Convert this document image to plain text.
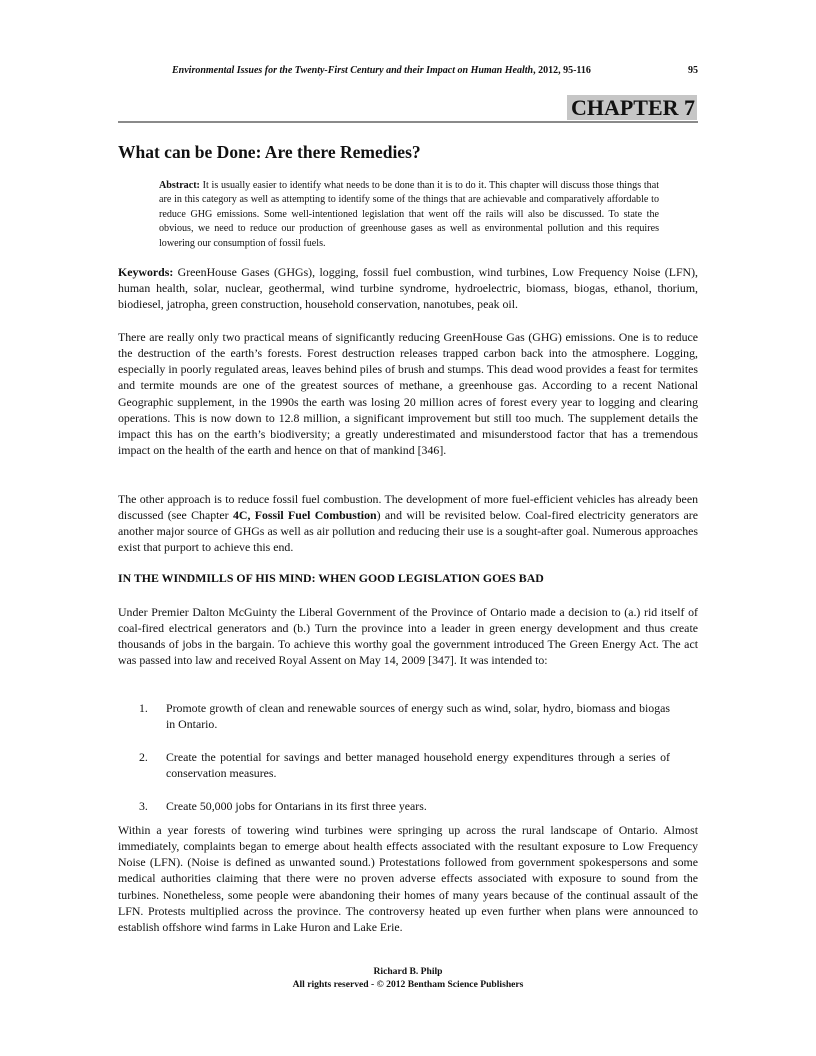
Environmental Issues for the Twenty-First Century and their Impact on Human Health, 2012, 95-116	95
CHAPTER 7
What can be Done: Are there Remedies?

Abstract: It is usually easier to identify what needs to be done than it is to do it. This chapter will discuss those things that are in this category as well as attempting to identify some of the things that are achievable and comparatively affordable to reduce GHG emissions. Some well-intentioned legislation that went off the rails will also be discussed. To state the obvious, we need to reduce our production of greenhouse gases as well as environmental pollution and this requires lowering our consumption of fossil fuels.

Keywords: GreenHouse Gases (GHGs), logging, fossil fuel combustion, wind turbines, Low Frequency Noise (LFN), human health, solar, nuclear, geothermal, wind turbine syndrome, hydroelectric, biomass, biogas, ethanol, thorium, biodiesel, jatropha, green construction, household conservation, nanotubes, peak oil.

There are really only two practical means of significantly reducing GreenHouse Gas (GHG) emissions. One is to reduce the destruction of the earth’s forests. Forest destruction releases trapped carbon back into the atmosphere. Logging, especially in poorly regulated areas, leaves behind piles of brush and stumps. This dead wood provides a feast for termites and termite mounds are one of the greatest sources of methane, a greenhouse gas. According to a recent National Geographic supplement, in the 1990s the earth was losing 20 million acres of forest every year to logging and clearing operations. This is now down to 12.8 million, a significant improvement but still too much. The supplement details the impact this has on the earth’s biodiversity; a greatly underestimated and misunderstood factor that has a tremendous impact on the health of the earth and hence on that of mankind [346].

The other approach is to reduce fossil fuel combustion. The development of more fuel-efficient vehicles has already been discussed (see Chapter 4C, Fossil Fuel Combustion) and will be revisited below. Coal-fired electricity generators are another major source of GHGs as well as air pollution and reducing their use is a sought-after goal. Numerous approaches exist that purport to achieve this end.

IN THE WINDMILLS OF HIS MIND: WHEN GOOD LEGISLATION GOES BAD

Under Premier Dalton McGuinty the Liberal Government of the Province of Ontario made a decision to (a.) rid itself of coal-fired electrical generators and (b.) Turn the province into a leader in green energy development and thus create thousands of jobs in the bargain. To achieve this worthy goal the government introduced The Green Energy Act. The act was passed into law and received Royal Assent on May 14, 2009 [347]. It was intended to:

1. Promote growth of clean and renewable sources of energy such as wind, solar, hydro, biomass and biogas in Ontario.
2. Create the potential for savings and better managed household energy expenditures through a series of conservation measures.
3. Create 50,000 jobs for Ontarians in its first three years.

Within a year forests of towering wind turbines were springing up across the rural landscape of Ontario. Almost immediately, complaints began to emerge about health effects associated with the resultant exposure to Low Frequency Noise (LFN). (Noise is defined as unwanted sound.) Protestations followed from government spokespersons and some medical authorities claiming that there were no proven adverse effects associated with exposure to sound from the turbines. Nonetheless, some people were abandoning their homes of many years because of the continual assault of the LFN. Protests multiplied across the province. The controversy heated up even further when plans were announced to establish offshore wind farms in Lake Huron and Lake Erie.

Richard B. Philp
All rights reserved - © 2012 Bentham Science Publishers
